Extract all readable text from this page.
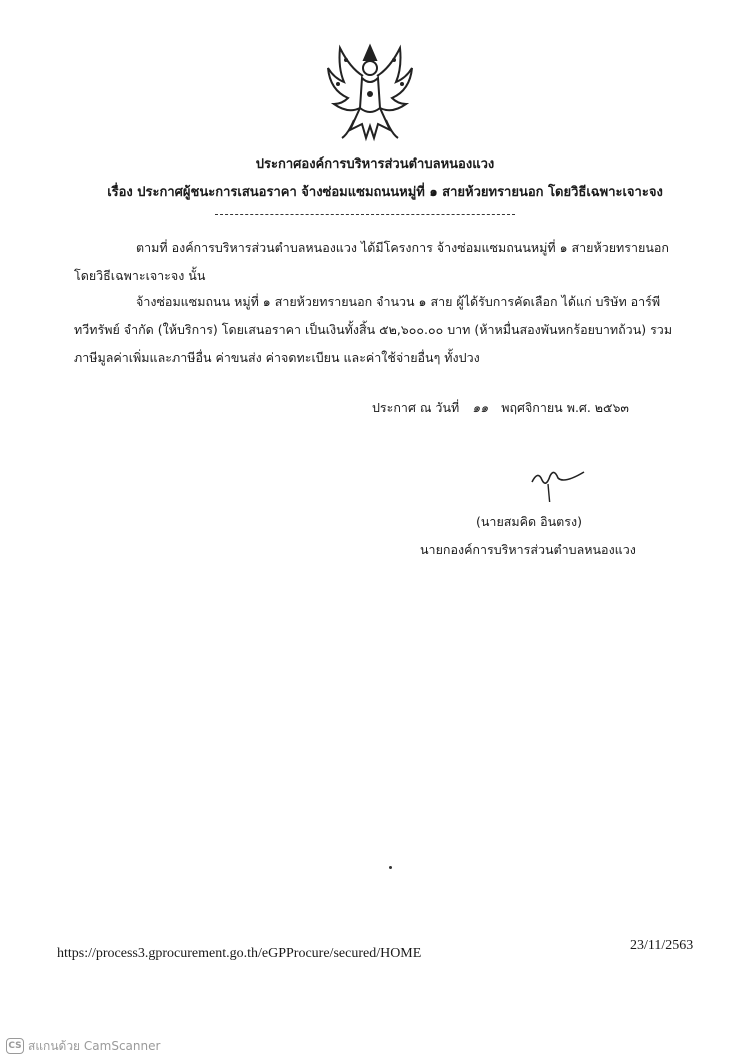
ประกาศองค์การบริหารส่วนตำบลหนองแวง
เรื่อง ประกาศผู้ชนะการเสนอราคา จ้างซ่อมแซมถนนหมู่ที่ ๑ สายห้วยทรายนอก โดยวิธีเฉพาะเจาะจง
ตามที่ องค์การบริหารส่วนตำบลหนองแวง ได้มีโครงการ จ้างซ่อมแซมถนนหมู่ที่ ๑ สายห้วยทรายนอก
โดยวิธีเฉพาะเจาะจง นั้น
จ้างซ่อมแซมถนน หมู่ที่ ๑ สายห้วยทรายนอก จำนวน ๑ สาย ผู้ได้รับการคัดเลือก ได้แก่ บริษัท อาร์พี
ทวีทรัพย์ จำกัด (ให้บริการ) โดยเสนอราคา เป็นเงินทั้งสิ้น ๕๒,๖๐๐.๐๐ บาท (ห้าหมื่นสองพันหกร้อยบาทถ้วน) รวม
ภาษีมูลค่าเพิ่มและภาษีอื่น ค่าขนส่ง ค่าจดทะเบียน และค่าใช้จ่ายอื่นๆ ทั้งปวง
ประกาศ ณ วันที่ ๑๑ พฤศจิกายน พ.ศ. ๒๕๖๓
(นายสมคิด อินตรง)
นายกองค์การบริหารส่วนตำบลหนองแวง
https://process3.gprocurement.go.th/eGPProcure/secured/HOME
23/11/2563
CS สแกนด้วย CamScanner
